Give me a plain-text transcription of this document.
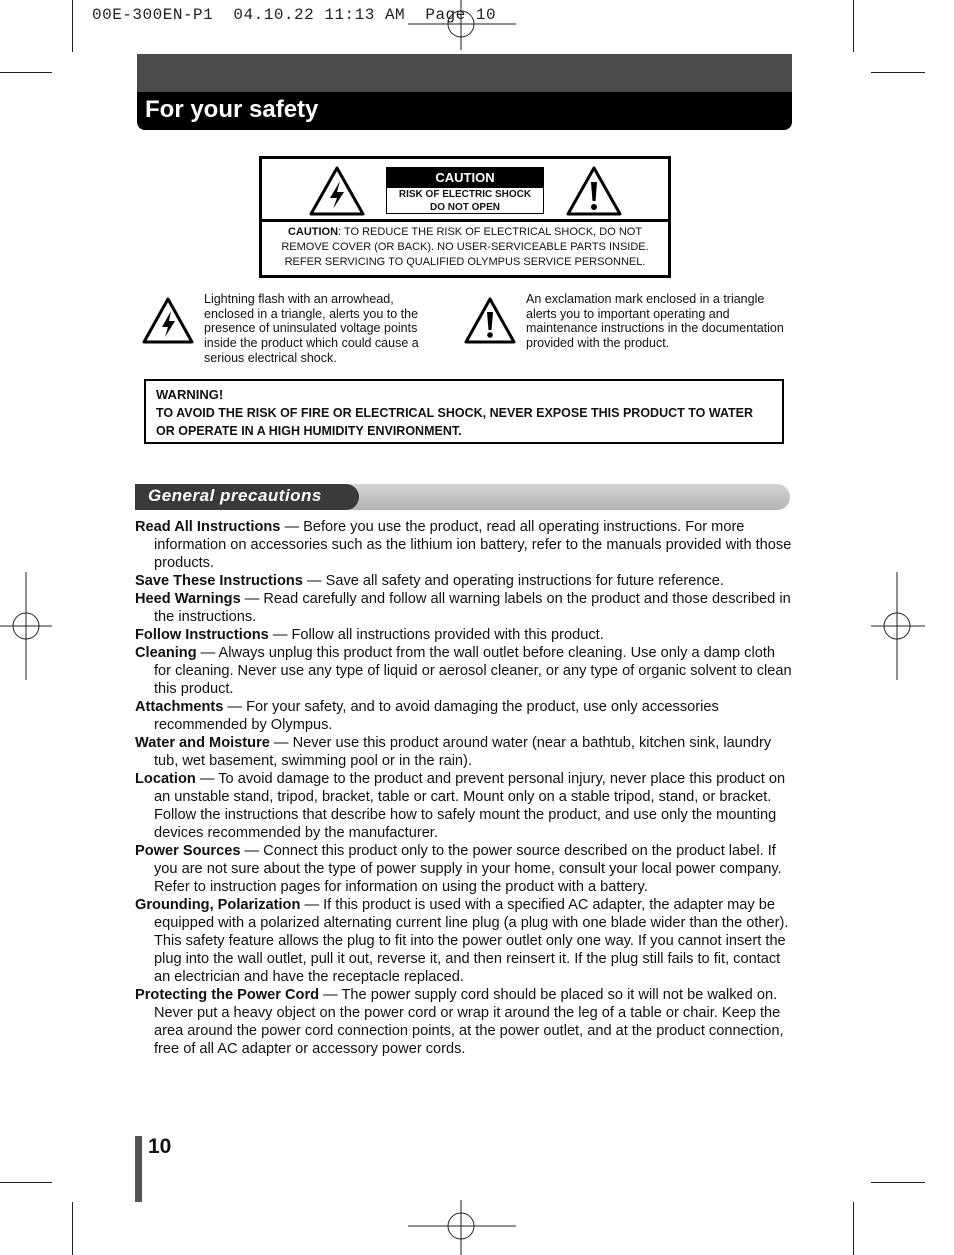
00E-300EN-P1  04.10.22 11:13 AM  Page 10
For your safety
CAUTION
RISK OF ELECTRIC SHOCK
DO NOT OPEN
CAUTION: TO REDUCE THE RISK OF ELECTRICAL SHOCK, DO NOT
REMOVE COVER (OR BACK). NO USER-SERVICEABLE PARTS INSIDE.
REFER SERVICING TO QUALIFIED OLYMPUS SERVICE PERSONNEL.
Lightning flash with an arrowhead, enclosed in a triangle, alerts you to the presence of uninsulated voltage points inside the product which could cause a serious electrical shock.
An exclamation mark enclosed in a triangle alerts you to important operating and maintenance instructions in the documentation provided with the product.
WARNING!
TO AVOID THE RISK OF FIRE OR ELECTRICAL SHOCK, NEVER EXPOSE THIS PRODUCT TO WATER OR OPERATE IN A HIGH HUMIDITY ENVIRONMENT.
General precautions

Read All Instructions — Before you use the product, read all operating instructions. For more information on accessories such as the lithium ion battery, refer to the manuals provided with those products.

Save These Instructions — Save all safety and operating instructions for future reference.

Heed Warnings — Read carefully and follow all warning labels on the product and those described in the instructions.

Follow Instructions — Follow all instructions provided with this product.

Cleaning — Always unplug this product from the wall outlet before cleaning. Use only a damp cloth for cleaning. Never use any type of liquid or aerosol cleaner, or any type of organic solvent to clean this product.

Attachments — For your safety, and to avoid damaging the product, use only accessories recommended by Olympus.

Water and Moisture — Never use this product around water (near a bathtub, kitchen sink, laundry tub, wet basement, swimming pool or in the rain).

Location — To avoid damage to the product and prevent personal injury, never place this product on an unstable stand, tripod, bracket, table or cart. Mount only on a stable tripod, stand, or bracket. Follow the instructions that describe how to safely mount the product, and use only the mounting devices recommended by the manufacturer.

Power Sources — Connect this product only to the power source described on the product label. If you are not sure about the type of power supply in your home, consult your local power company.
Refer to instruction pages for information on using the product with a battery.

Grounding, Polarization — If this product is used with a specified AC adapter, the adapter may be equipped with a polarized alternating current line plug (a plug with one blade wider than the other). This safety feature allows the plug to fit into the power outlet only one way. If you cannot insert the plug into the wall outlet, pull it out, reverse it, and then reinsert it. If the plug still fails to fit, contact an electrician and have the receptacle replaced.

Protecting the Power Cord — The power supply cord should be placed so it will not be walked on. Never put a heavy object on the power cord or wrap it around the leg of a table or chair. Keep the area around the power cord connection points, at the power outlet, and at the product connection, free of all AC adapter or accessory power cords.

10
